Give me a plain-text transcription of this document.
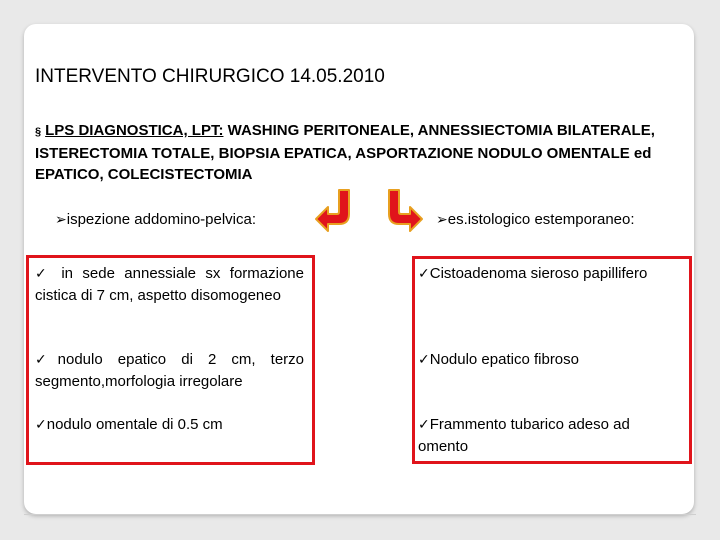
INTERVENTO CHIRURGICO 14.05.2010
§ LPS DIAGNOSTICA, LPT: WASHING PERITONEALE, ANNESSIECTOMIA BILATERALE, ISTERECTOMIA TOTALE, BIOPSIA EPATICA, ASPORTAZIONE NODULO OMENTALE ed EPATICO, COLECISTECTOMIA
➢ispezione addomino-pelvica:	➢es.istologico estemporaneo:
✓ in sede annessiale sx formazione cistica di 7 cm, aspetto disomogeneo
✓nodulo epatico di 2 cm, terzo segmento,morfologia irregolare
✓nodulo omentale di 0.5 cm
✓Cistoadenoma sieroso papillifero
✓Nodulo epatico fibroso
✓Frammento tubarico adeso ad omento
